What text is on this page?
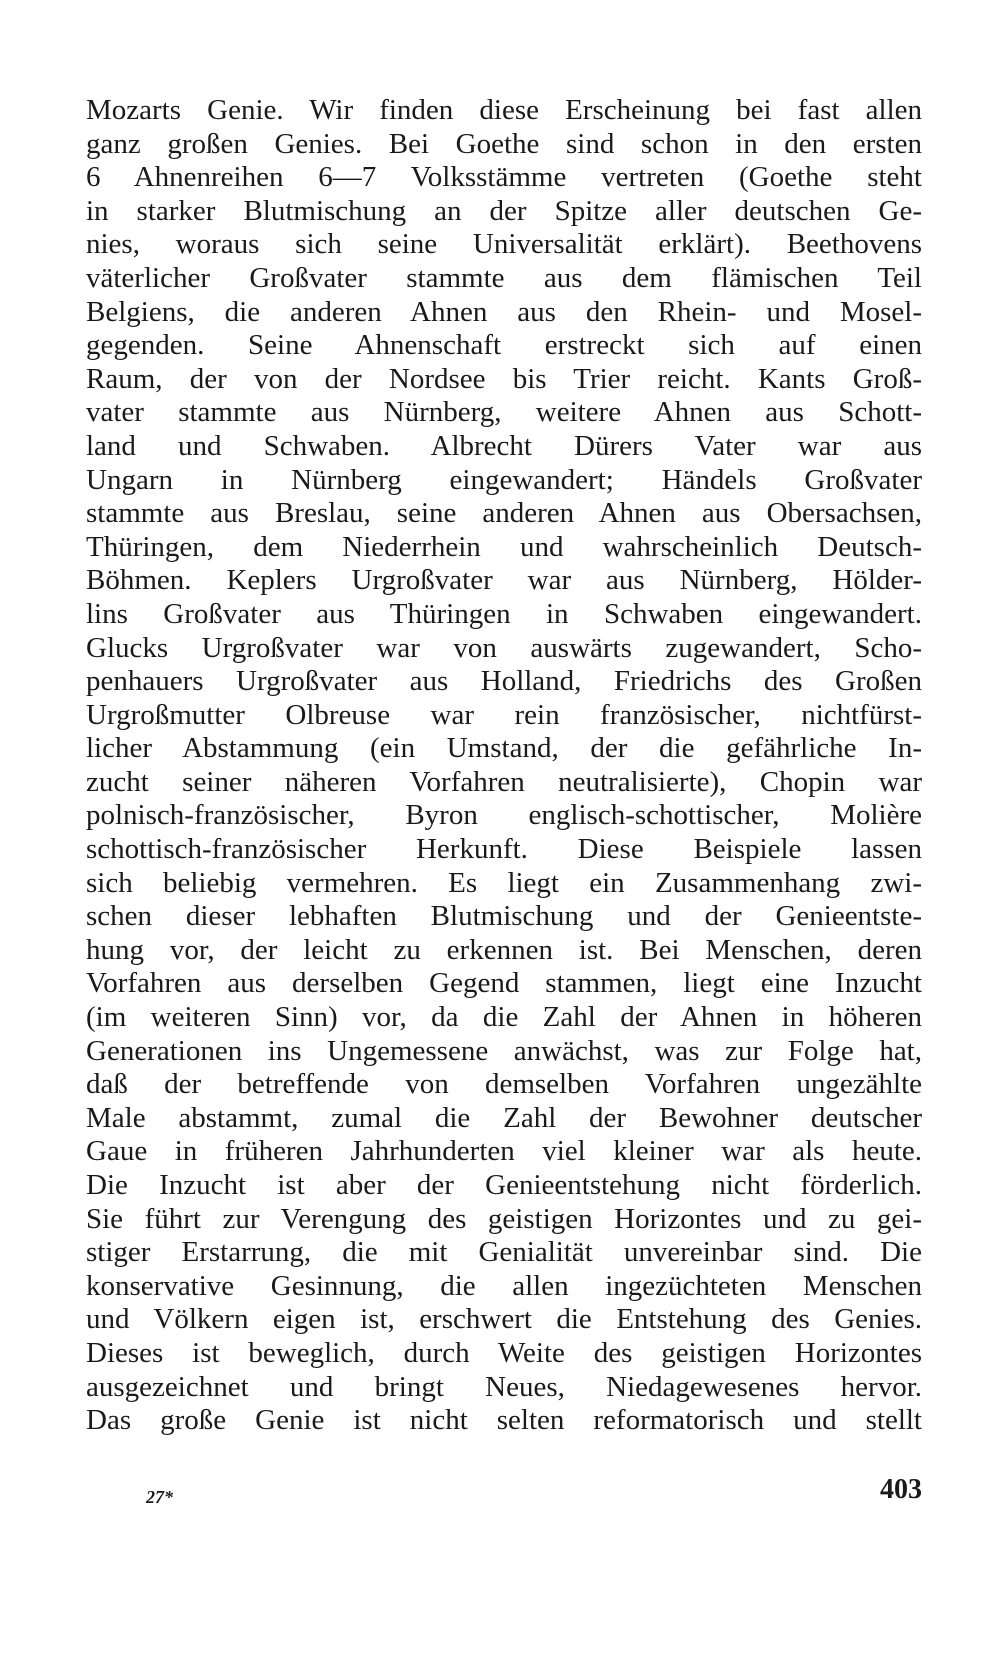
Mozarts Genie. Wir finden diese Erscheinung bei fast allen
ganz großen Genies. Bei Goethe sind schon in den ersten
6 Ahnenreihen 6—7 Volksstämme vertreten (Goethe steht
in starker Blutmischung an der Spitze aller deutschen Ge-
nies, woraus sich seine Universalität erklärt). Beethovens
väterlicher Großvater stammte aus dem flämischen Teil
Belgiens, die anderen Ahnen aus den Rhein- und Mosel-
gegenden. Seine Ahnenschaft erstreckt sich auf einen
Raum, der von der Nordsee bis Trier reicht. Kants Groß-
vater stammte aus Nürnberg, weitere Ahnen aus Schott-
land und Schwaben. Albrecht Dürers Vater war aus
Ungarn in Nürnberg eingewandert; Händels Großvater
stammte aus Breslau, seine anderen Ahnen aus Obersachsen,
Thüringen, dem Niederrhein und wahrscheinlich Deutsch-
Böhmen. Keplers Urgroßvater war aus Nürnberg, Hölder-
lins Großvater aus Thüringen in Schwaben eingewandert.
Glucks Urgroßvater war von auswärts zugewandert, Scho-
penhauers Urgroßvater aus Holland, Friedrichs des Großen
Urgroßmutter Olbreuse war rein französischer, nichtfürst-
licher Abstammung (ein Umstand, der die gefährliche In-
zucht seiner näheren Vorfahren neutralisierte), Chopin war
polnisch-französischer, Byron englisch-schottischer, Molière
schottisch-französischer Herkunft. Diese Beispiele lassen
sich beliebig vermehren. Es liegt ein Zusammenhang zwi-
schen dieser lebhaften Blutmischung und der Genieentste-
hung vor, der leicht zu erkennen ist. Bei Menschen, deren
Vorfahren aus derselben Gegend stammen, liegt eine Inzucht
(im weiteren Sinn) vor, da die Zahl der Ahnen in höheren
Generationen ins Ungemessene anwächst, was zur Folge hat,
daß der betreffende von demselben Vorfahren ungezählte
Male abstammt, zumal die Zahl der Bewohner deutscher
Gaue in früheren Jahrhunderten viel kleiner war als heute.
Die Inzucht ist aber der Genieentstehung nicht förderlich.
Sie führt zur Verengung des geistigen Horizontes und zu gei-
stiger Erstarrung, die mit Genialität unvereinbar sind. Die
konservative Gesinnung, die allen ingezüchteten Menschen
und Völkern eigen ist, erschwert die Entstehung des Genies.
Dieses ist beweglich, durch Weite des geistigen Horizontes
ausgezeichnet und bringt Neues, Niedagewesenes hervor.
Das große Genie ist nicht selten reformatorisch und stellt
27*	403
